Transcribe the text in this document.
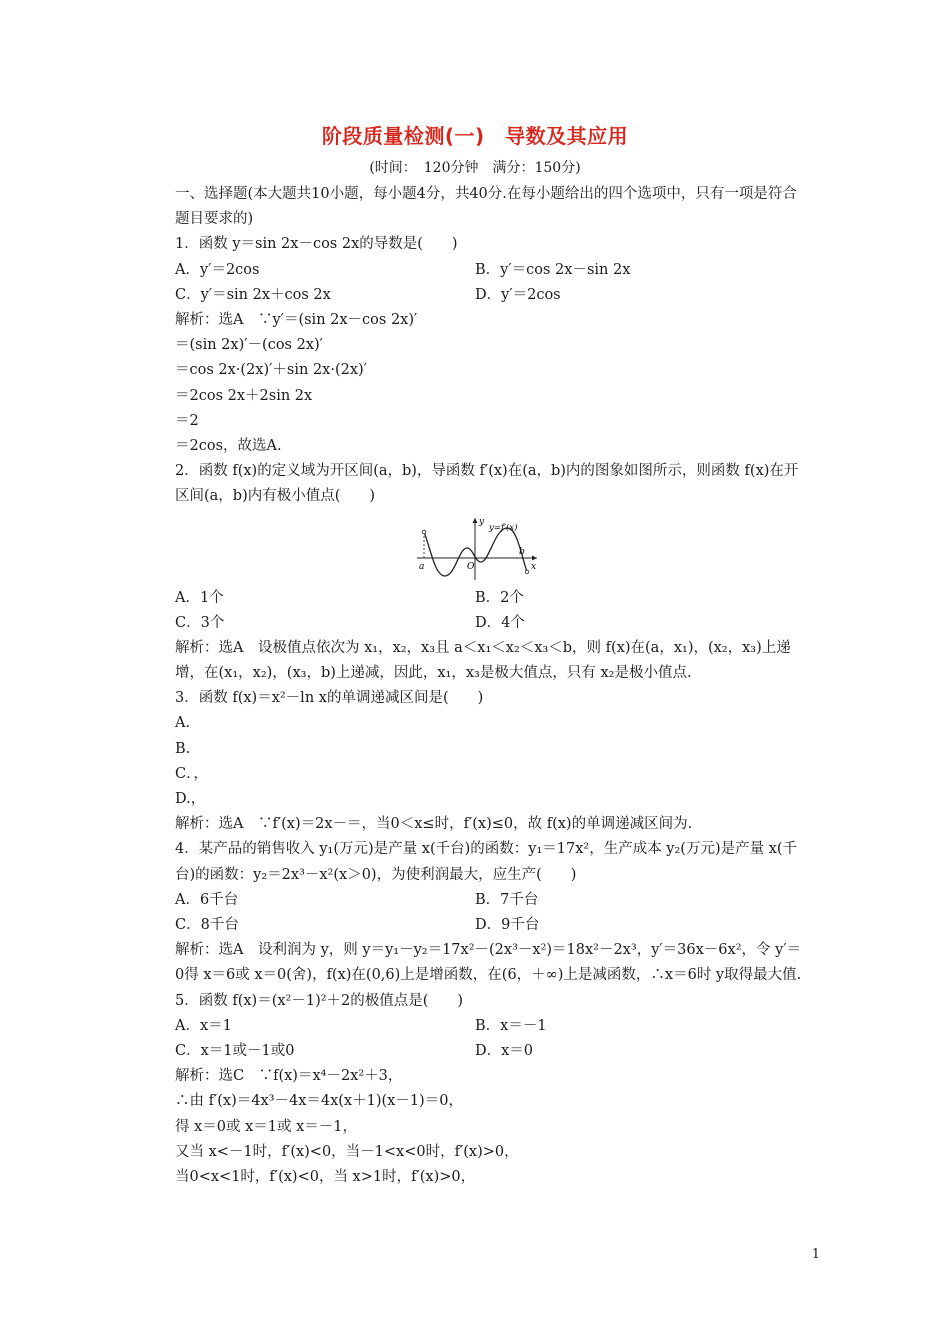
阶段质量检测(一)　导数及其应用
(时间：　120分钟　满分：150分)
一、选择题(本大题共10小题，每小题4分，共40分.在每小题给出的四个选项中，只有一项是符合题目要求的)
1．函数 y＝sin 2x－cos 2x的导数是(　　)
A．y′＝2cos	B．y′＝cos 2x－sin 2x
C．y′＝sin 2x＋cos 2x	D．y′＝2cos
解析：选A　∵y′＝(sin 2x－cos 2x)′
＝(sin 2x)′－(cos 2x)′
＝cos 2x·(2x)′＋sin 2x·(2x)′
＝2cos 2x＋2sin 2x
＝2
＝2cos，故选A.
2．函数 f(x)的定义域为开区间(a，b)，导函数 f′(x)在(a，b)内的图象如图所示，则函数 f(x)在开区间(a，b)内有极小值点(　　)
y
y=f′(x)
O
a
b
x
A．1个	B．2个
C．3个	D．4个
解析：选A　设极值点依次为 x₁，x₂，x₃且 a＜x₁＜x₂＜x₃＜b，则 f(x)在(a，x₁)，(x₂，x₃)上递增，在(x₁，x₂)，(x₃，b)上递减，因此，x₁，x₃是极大值点，只有 x₂是极小值点.
3．函数 f(x)＝x²－ln x的单调递减区间是(　　)
A.
B.
C．，
D.，
解析：选A　∵f′(x)＝2x－＝，当0＜x≤时，f′(x)≤0，故 f(x)的单调递减区间为.
4．某产品的销售收入 y₁(万元)是产量 x(千台)的函数：y₁＝17x²，生产成本 y₂(万元)是产量 x(千台)的函数：y₂＝2x³－x²(x＞0)，为使利润最大，应生产(　　)
A．6千台	B．7千台
C．8千台	D．9千台
解析：选A　设利润为 y，则 y＝y₁－y₂＝17x²－(2x³－x²)＝18x²－2x³，y′＝36x－6x²，令 y′＝0得 x＝6或 x＝0(舍)，f(x)在(0,6)上是增函数，在(6，＋∞)上是减函数，∴x＝6时 y取得最大值.
5．函数 f(x)＝(x²－1)²＋2的极值点是(　　)
A．x＝1	B．x＝－1
C．x＝1或－1或0	D．x＝0
解析：选C　∵f(x)＝x⁴－2x²＋3，
∴由 f′(x)＝4x³－4x＝4x(x＋1)(x－1)＝0，
得 x＝0或 x＝1或 x＝－1，
又当 x<－1时，f′(x)<0，当－1<x<0时，f′(x)>0，
当0<x<1时，f′(x)<0，当 x>1时，f′(x)>0，
1
